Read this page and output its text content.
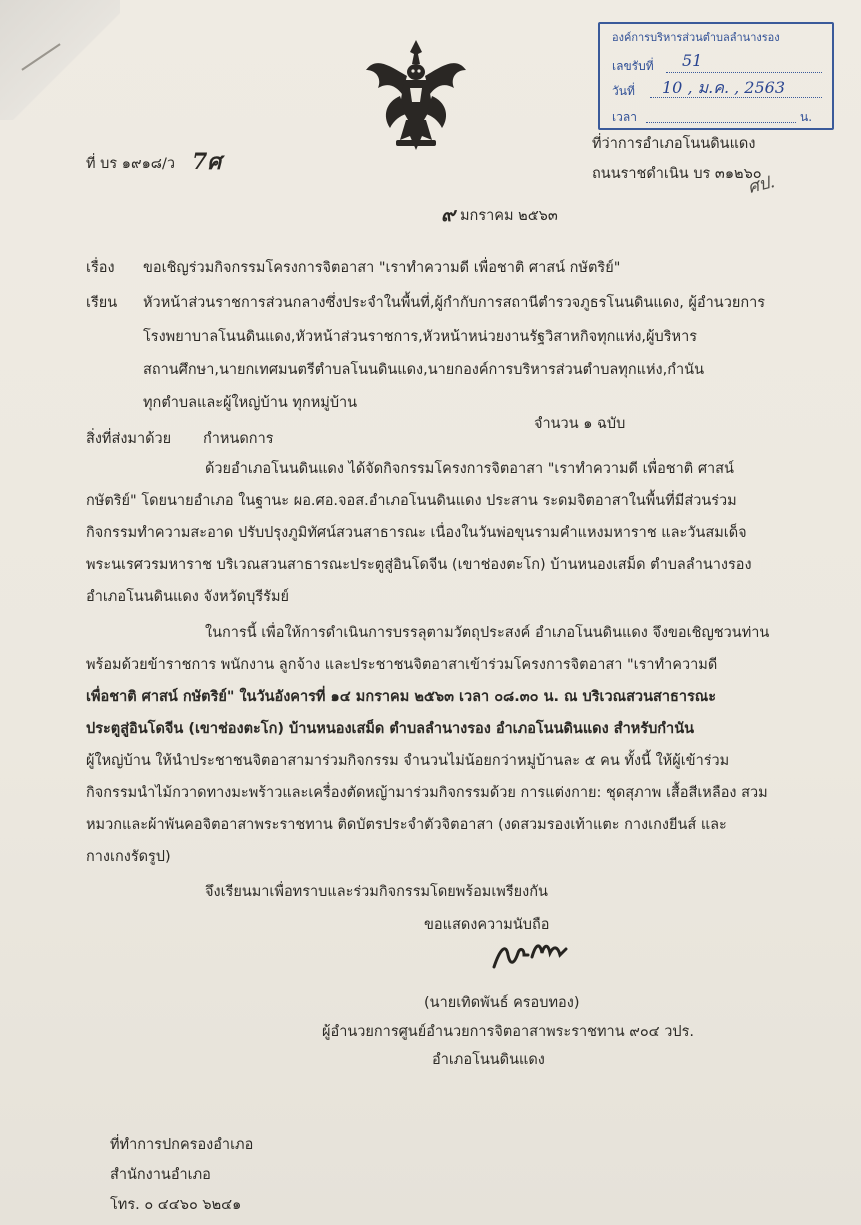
องค์การบริหารส่วนตำบลลำนางรอง
เลขรับที่ 51
วันที่ 10 , ม.ค. , 2563
เวลา	น.
ที่ บร ๑๙๑๘/ว 7ศ
ที่ว่าการอำเภอโนนดินแดง
ถนนราชดำเนิน บร ๓๑๒๖๐
ศป.
๙ มกราคม ๒๕๖๓
เรื่อง ขอเชิญร่วมกิจกรรมโครงการจิตอาสา "เราทำความดี เพื่อชาติ ศาสน์ กษัตริย์"
เรียน หัวหน้าส่วนราชการส่วนกลางซึ่งประจำในพื้นที่,ผู้กำกับการสถานีตำรวจภูธรโนนดินแดง, ผู้อำนวยการ
โรงพยาบาลโนนดินแดง,หัวหน้าส่วนราชการ,หัวหน้าหน่วยงานรัฐวิสาหกิจทุกแห่ง,ผู้บริหาร
สถานศึกษา,นายกเทศมนตรีตำบลโนนดินแดง,นายกองค์การบริหารส่วนตำบลทุกแห่ง,กำนัน
ทุกตำบลและผู้ใหญ่บ้าน ทุกหมู่บ้าน
สิ่งที่ส่งมาด้วย กำหนดการ
จำนวน ๑ ฉบับ
ด้วยอำเภอโนนดินแดง ได้จัดกิจกรรมโครงการจิตอาสา "เราทำความดี เพื่อชาติ ศาสน์
กษัตริย์" โดยนายอำเภอ ในฐานะ ผอ.ศอ.จอส.อำเภอโนนดินแดง ประสาน ระดมจิตอาสาในพื้นที่มีส่วนร่วม
กิจกรรมทำความสะอาด ปรับปรุงภูมิทัศน์สวนสาธารณะ เนื่องในวันพ่อขุนรามคำแหงมหาราช และวันสมเด็จ
พระนเรศวรมหาราช บริเวณสวนสาธารณะประตูสู่อินโดจีน (เขาช่องตะโก) บ้านหนองเสม็ด ตำบลลำนางรอง
อำเภอโนนดินแดง จังหวัดบุรีรัมย์
ในการนี้ เพื่อให้การดำเนินการบรรลุตามวัตถุประสงค์ อำเภอโนนดินแดง จึงขอเชิญชวนท่าน
พร้อมด้วยข้าราชการ พนักงาน ลูกจ้าง และประชาชนจิตอาสาเข้าร่วมโครงการจิตอาสา "เราทำความดี
เพื่อชาติ ศาสน์ กษัตริย์" ในวันอังคารที่ ๑๔ มกราคม ๒๕๖๓ เวลา ๐๘.๓๐ น. ณ บริเวณสวนสาธารณะ
ประตูสู่อินโดจีน (เขาช่องตะโก) บ้านหนองเสม็ด ตำบลลำนางรอง อำเภอโนนดินแดง สำหรับกำนัน
ผู้ใหญ่บ้าน ให้นำประชาชนจิตอาสามาร่วมกิจกรรม จำนวนไม่น้อยกว่าหมู่บ้านละ ๕ คน ทั้งนี้ ให้ผู้เข้าร่วม
กิจกรรมนำไม้กวาดทางมะพร้าวและเครื่องตัดหญ้ามาร่วมกิจกรรมด้วย การแต่งกาย: ชุดสุภาพ เสื้อสีเหลือง สวม
หมวกและผ้าพันคอจิตอาสาพระราชทาน ติดบัตรประจำตัวจิตอาสา (งดสวมรองเท้าแตะ กางเกงยีนส์ และ
กางเกงรัดรูป)
จึงเรียนมาเพื่อทราบและร่วมกิจกรรมโดยพร้อมเพรียงกัน
ขอแสดงความนับถือ
(นายเทิดพันธ์ ครอบทอง)
ผู้อำนวยการศูนย์อำนวยการจิตอาสาพระราชทาน ๙๐๔ วปร.
อำเภอโนนดินแดง
ที่ทำการปกครองอำเภอ
สำนักงานอำเภอ
โทร. ๐ ๔๔๖๐ ๖๒๔๑
